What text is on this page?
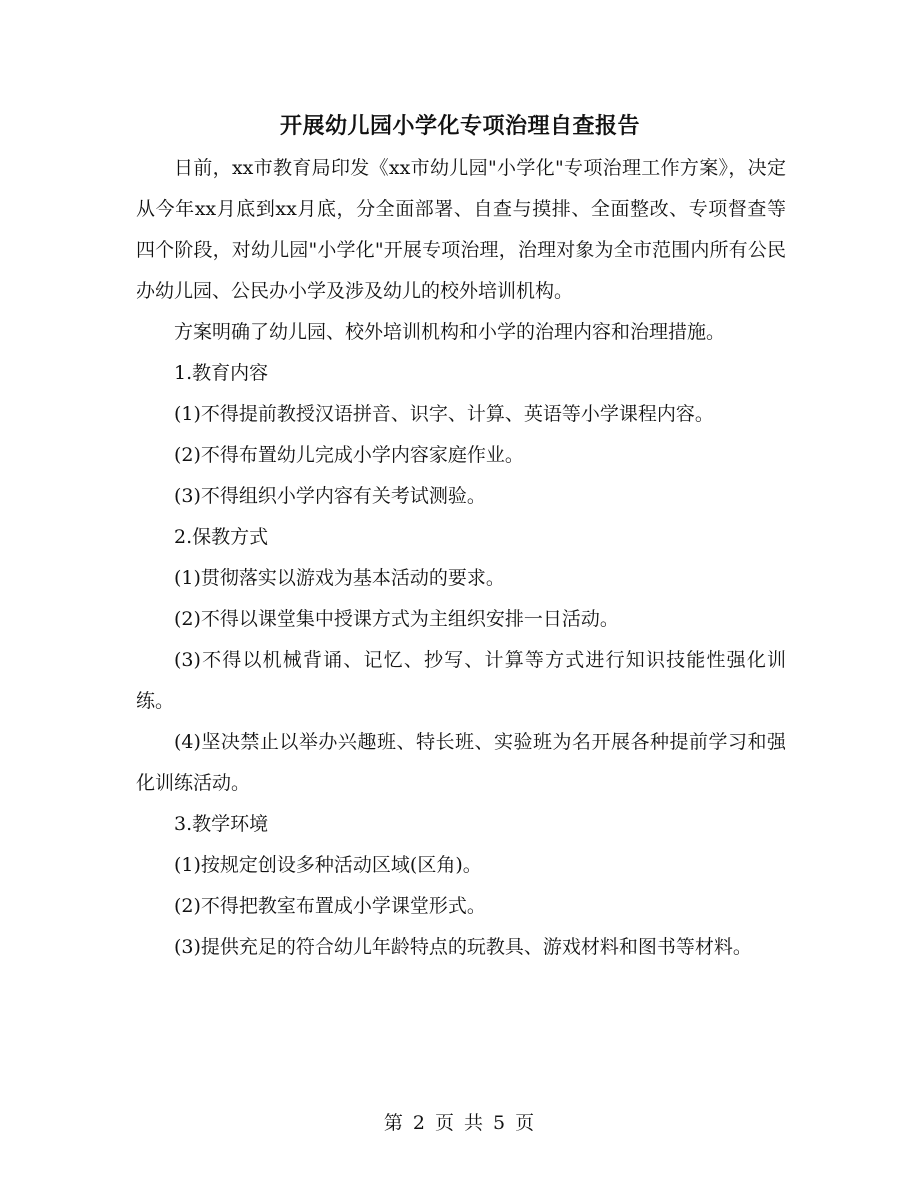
开展幼儿园小学化专项治理自查报告

日前，xx市教育局印发《xx市幼儿园"小学化"专项治理工作方案》，决定从今年xx月底到xx月底，分全面部署、自查与摸排、全面整改、专项督查等四个阶段，对幼儿园"小学化"开展专项治理，治理对象为全市范围内所有公民办幼儿园、公民办小学及涉及幼儿的校外培训机构。

方案明确了幼儿园、校外培训机构和小学的治理内容和治理措施。

1.教育内容

(1)不得提前教授汉语拼音、识字、计算、英语等小学课程内容。

(2)不得布置幼儿完成小学内容家庭作业。

(3)不得组织小学内容有关考试测验。

2.保教方式

(1)贯彻落实以游戏为基本活动的要求。

(2)不得以课堂集中授课方式为主组织安排一日活动。

(3)不得以机械背诵、记忆、抄写、计算等方式进行知识技能性强化训练。

(4)坚决禁止以举办兴趣班、特长班、实验班为名开展各种提前学习和强化训练活动。

3.教学环境

(1)按规定创设多种活动区域(区角)。

(2)不得把教室布置成小学课堂形式。

(3)提供充足的符合幼儿年龄特点的玩教具、游戏材料和图书等材料。

第 2 页 共 5 页
